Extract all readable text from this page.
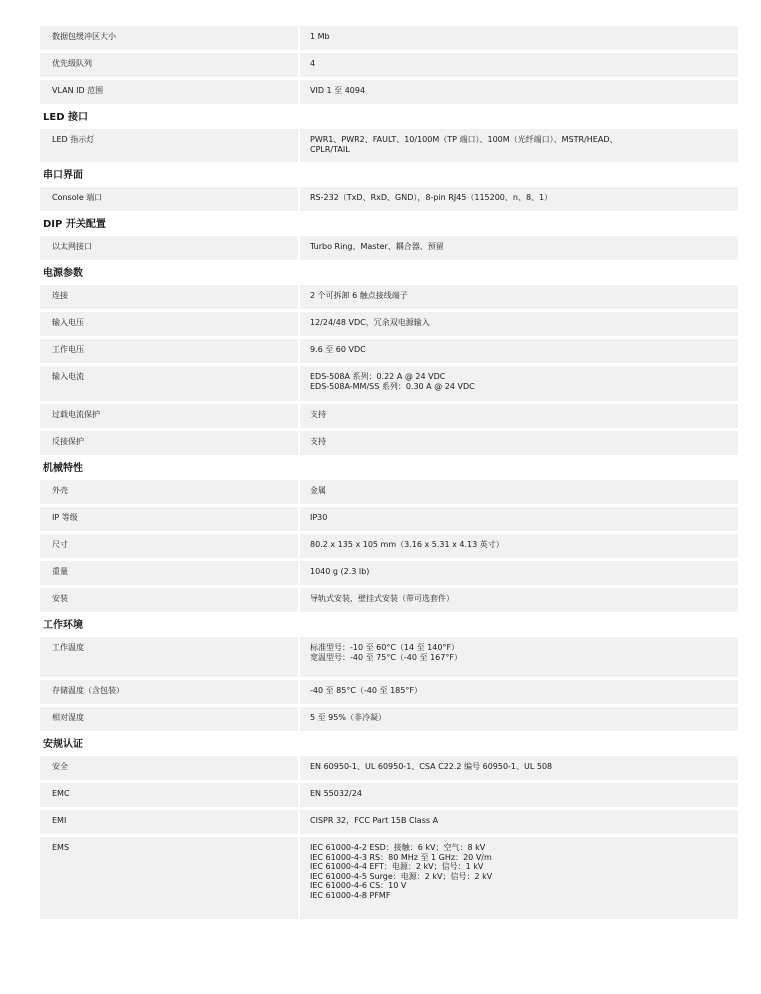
数据包缓冲区大小	1 Mb
优先级队列	4
VLAN ID 范围	VID 1 至 4094
LED 接口
LED 指示灯	PWR1、PWR2、FAULT、10/100M（TP 端口）、100M（光纤端口）、MSTR/HEAD、
CPLR/TAIL
串口界面
Console 端口	RS-232（TxD、RxD、GND），8-pin RJ45（115200、n、8、1）
DIP 开关配置
以太网接口	Turbo Ring、Master、耦合器、预留
电源参数
连接	2 个可拆卸 6 触点接线端子
输入电压	12/24/48 VDC，冗余双电源输入
工作电压	9.6 至 60 VDC
输入电流	EDS-508A 系列：0.22 A @ 24 VDC
EDS-508A-MM/SS 系列：0.30 A @ 24 VDC
过载电流保护	支持
反接保护	支持
机械特性
外壳	金属
IP 等级	IP30
尺寸	80.2 x 135 x 105 mm（3.16 x 5.31 x 4.13 英寸）
重量	1040 g (2.3 lb)
安装	导轨式安装，壁挂式安装（带可选套件）
工作环境
工作温度	标准型号：-10 至 60°C（14 至 140°F）
宽温型号：-40 至 75°C（-40 至 167°F）
存储温度（含包装）	-40 至 85°C（-40 至 185°F）
相对湿度	5 至 95%（非冷凝）
安规认证
安全	EN 60950-1、UL 60950-1、CSA C22.2 编号 60950-1、UL 508
EMC	EN 55032/24
EMI	CISPR 32，FCC Part 15B Class A
EMS	IEC 61000-4-2 ESD：接触：6 kV；空气：8 kV
IEC 61000-4-3 RS：80 MHz 至 1 GHz：20 V/m
IEC 61000-4-4 EFT：电源：2 kV；信号：1 kV
IEC 61000-4-5 Surge：电源：2 kV；信号：2 kV
IEC 61000-4-6 CS：10 V
IEC 61000-4-8 PFMF
